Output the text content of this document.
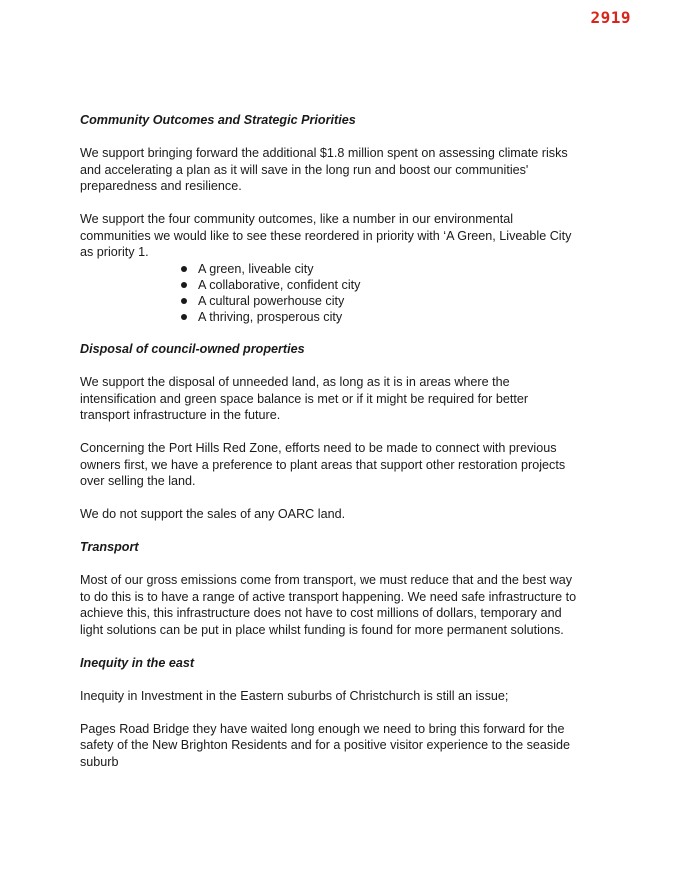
2919

Community Outcomes and Strategic Priorities

We support bringing forward the additional $1.8 million spent on assessing climate risks and accelerating a plan as it will save in the long run and boost our communities' preparedness and resilience.

We support the four community outcomes, like a number in our environmental communities we would like to see these reordered in priority with ‘A Green, Liveable City as priority 1.

A green, liveable city
A collaborative, confident city
A cultural powerhouse city
A thriving, prosperous city

Disposal of council-owned properties

We support the disposal of unneeded land, as long as it is in areas where the intensification and green space balance is met or if it might be required for better transport infrastructure in the future.

Concerning the Port Hills Red Zone, efforts need to be made to connect with previous owners first, we have a preference to plant areas that support other restoration projects over selling the land.

We do not support the sales of any OARC land.

Transport

Most of our gross emissions come from transport, we must reduce that and the best way to do this is to have a range of active transport happening. We need safe infrastructure to achieve this, this infrastructure does not have to cost millions of dollars, temporary and light solutions can be put in place whilst funding is found for more permanent solutions.

Inequity in the east

Inequity in Investment in the Eastern suburbs of Christchurch is still an issue;

Pages Road Bridge they have waited long enough we need to bring this forward for the safety of the New Brighton Residents and for a positive visitor experience to the seaside suburb
